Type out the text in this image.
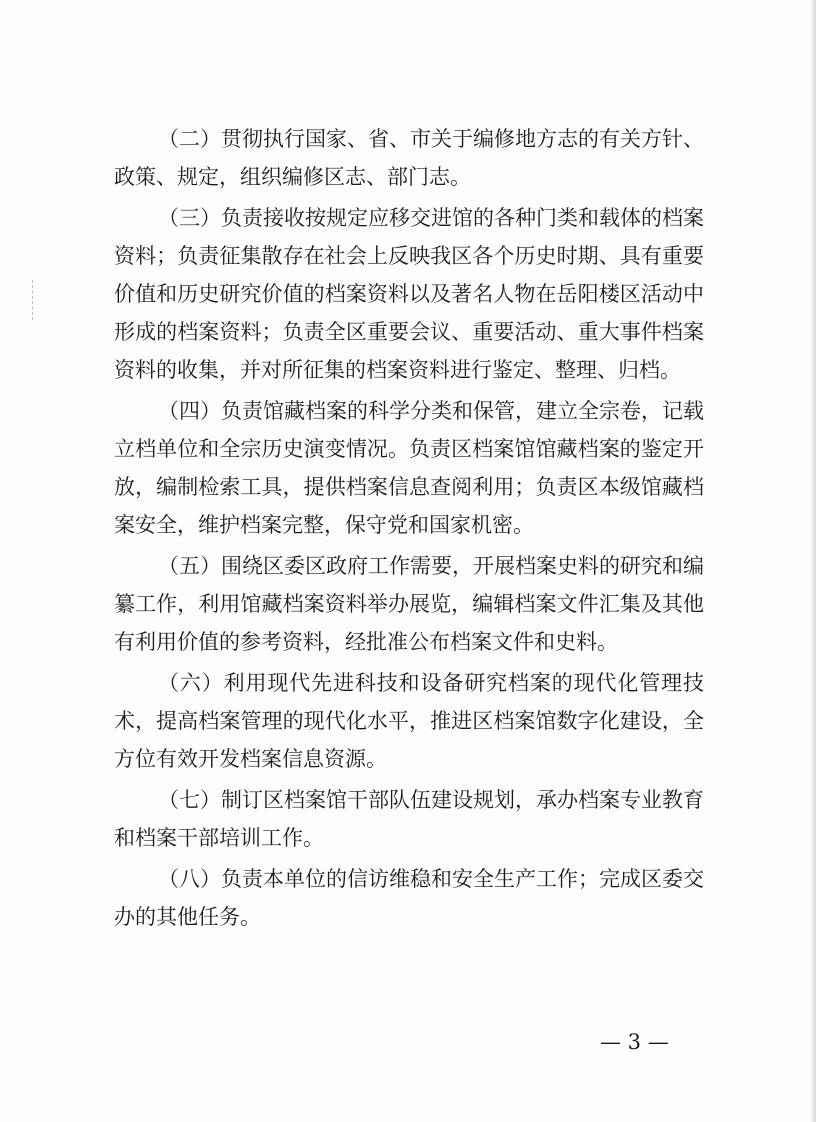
（二）贯彻执行国家、省、市关于编修地方志的有关方针、政策、规定，组织编修区志、部门志。

（三）负责接收按规定应移交进馆的各种门类和载体的档案资料；负责征集散存在社会上反映我区各个历史时期、具有重要价值和历史研究价值的档案资料以及著名人物在岳阳楼区活动中形成的档案资料；负责全区重要会议、重要活动、重大事件档案资料的收集，并对所征集的档案资料进行鉴定、整理、归档。

（四）负责馆藏档案的科学分类和保管，建立全宗卷，记载立档单位和全宗历史演变情况。负责区档案馆馆藏档案的鉴定开放，编制检索工具，提供档案信息查阅利用；负责区本级馆藏档案安全，维护档案完整，保守党和国家机密。

（五）围绕区委区政府工作需要，开展档案史料的研究和编纂工作，利用馆藏档案资料举办展览，编辑档案文件汇集及其他有利用价值的参考资料，经批准公布档案文件和史料。

（六）利用现代先进科技和设备研究档案的现代化管理技术，提高档案管理的现代化水平，推进区档案馆数字化建设，全方位有效开发档案信息资源。

（七）制订区档案馆干部队伍建设规划，承办档案专业教育和档案干部培训工作。

（八）负责本单位的信访维稳和安全生产工作；完成区委交办的其他任务。

— 3 —
